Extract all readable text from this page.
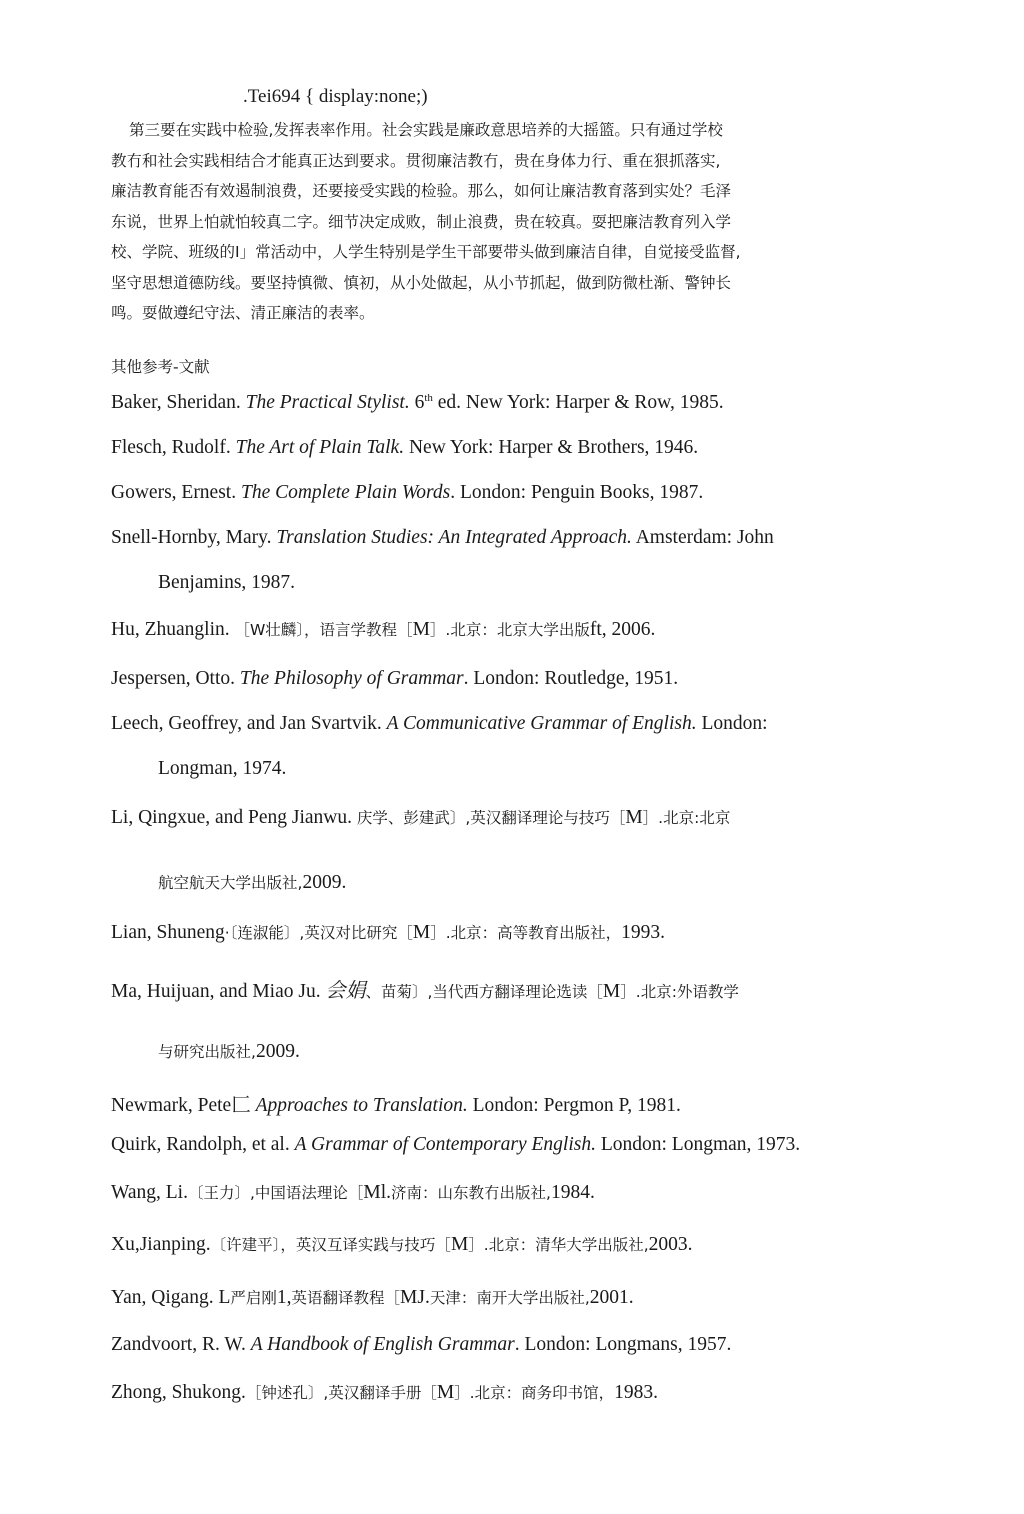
.Tei694 { display:none;)

第三要在实践中检验,发挥表率作用。社会实践是廉政意思培养的大摇篮。只有通过学校

教冇和社会实践相结合才能真正达到要求。贯彻廉洁教冇，贵在身体力行、重在狠抓落实,

廉洁教育能否有效遏制浪费，还要接受实践的检验。那么，如何让廉洁教育落到实处？毛泽

东说，世界上怕就怕较真二字。细节决定成败，制止浪费，贵在较真。耍把廉洁教育列入学

校、学院、班级的I」常活动中，人学生特别是学生干部要带头做到廉洁自律，自觉接受监督,

坚守思想道德防线。要坚持慎微、慎初，从小处做起，从小节抓起，做到防微杜渐、警钟长

鸣。耍做遵纪守法、清正廉洁的表率。

其他参考-文献
Baker, Sheridan. The Practical Stylist. 6th ed. New York: Harper & Row, 1985.
Flesch, Rudolf. The Art of Plain Talk. New York: Harper & Brothers, 1946.
Gowers, Ernest. The Complete Plain Words. London: Penguin Books, 1987.
Snell-Hornby, Mary. Translation Studies: An Integrated Approach. Amsterdam: John
Benjamins, 1987.
Hu, Zhuanglin. ［W壮麟〕，语言学教程［M］.北京：北京大学出版ft, 2006.
Jespersen, Otto. The Philosophy of Grammar. London: Routledge, 1951.
Leech, Geoffrey, and Jan Svartvik. A Communicative Grammar of English. London:
Longman, 1974.
Li, Qingxue, and Peng Jianwu. 庆学、彭建武〕,英汉翻译理论与技巧［M］.北京:北京
航空航天大学出版社,2009.
Lian, Shuneng·〔连淑能〕,英汉对比研究［M］.北京：高等教育出版社，1993.
Ma, Huijuan, and Miao Ju. 会娟、苗菊〕,当代西方翻译理论选读［M］.北京:外语教学
与研究出版社,2009.
Newmark, Pete匚 Approaches to Translation. London: Pergmon P, 1981.
Quirk, Randolph, et al. A Grammar of Contemporary English. London: Longman, 1973.
Wang, Li.〔王力〕,中国语法理论［Ml.济南：山东教冇出版社,1984.
Xu,Jianping.〔许建平〕，英汉互译实践与技巧［M］.北京：清华大学出版社,2003.
Yan, Qigang. L严启刚1,英语翻译教程［MJ.天津：南开大学出版社,2001.
Zandvoort, R. W. A Handbook of English Grammar. London: Longmans, 1957.
Zhong, Shukong.［钟述孔〕,英汉翻译手册［M］.北京：商务印书馆，1983.
